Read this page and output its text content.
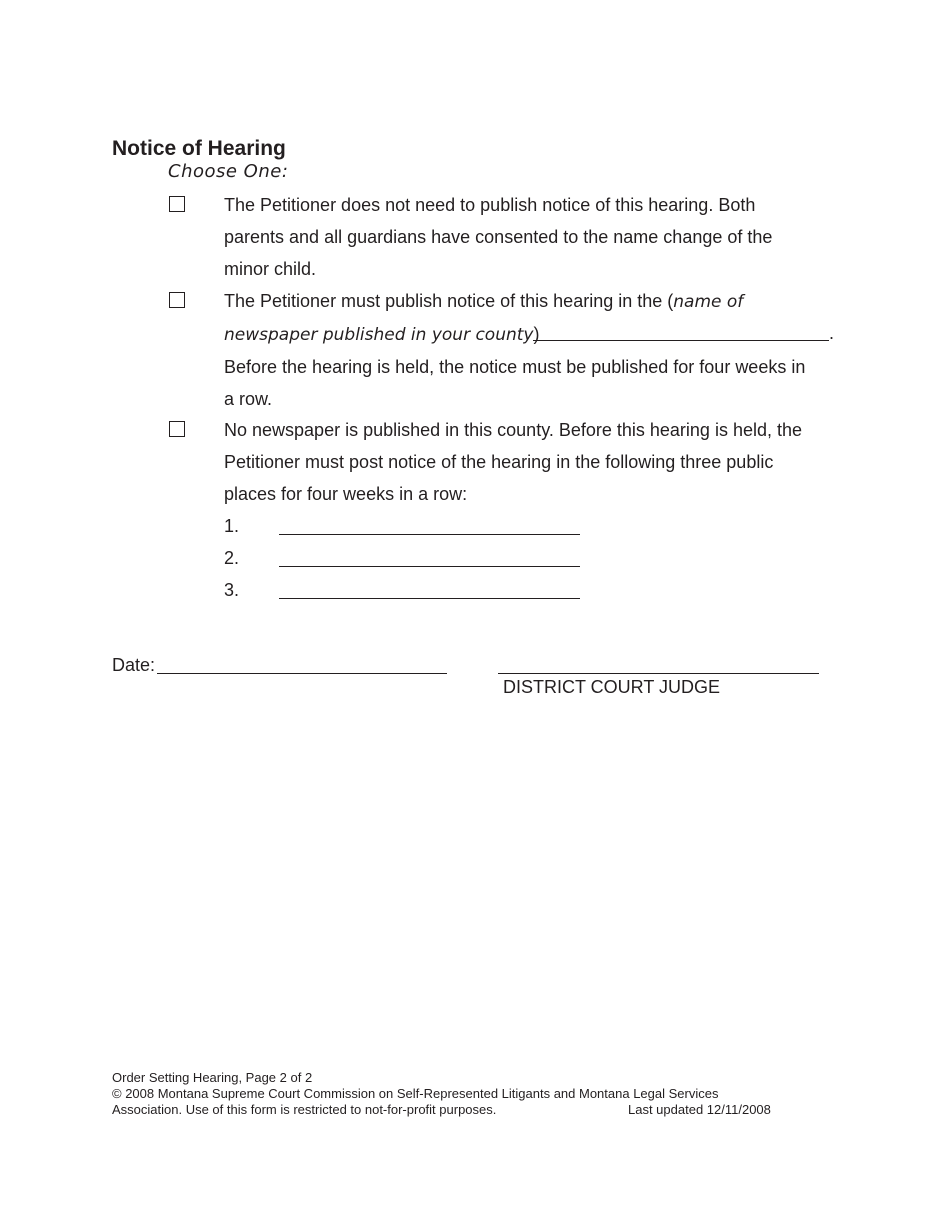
Notice of Hearing
Choose One:
The Petitioner does not need to publish notice of this hearing. Both
parents and all guardians have consented to the name change of the
minor child.
The Petitioner must publish notice of this hearing in the (name of
newspaper published in your county)
Before the hearing is held, the notice must be published for four weeks in
a row.
.
No newspaper is published in this county. Before this hearing is held, the
Petitioner must post notice of the hearing in the following three public
places for four weeks in a row:
1.
2.
3.
Date:
DISTRICT COURT JUDGE
Order Setting Hearing, Page 2 of 2
© 2008 Montana Supreme Court Commission on Self-Represented Litigants and Montana Legal Services
Association. Use of this form is restricted to not-for-profit purposes.	Last updated 12/11/2008
